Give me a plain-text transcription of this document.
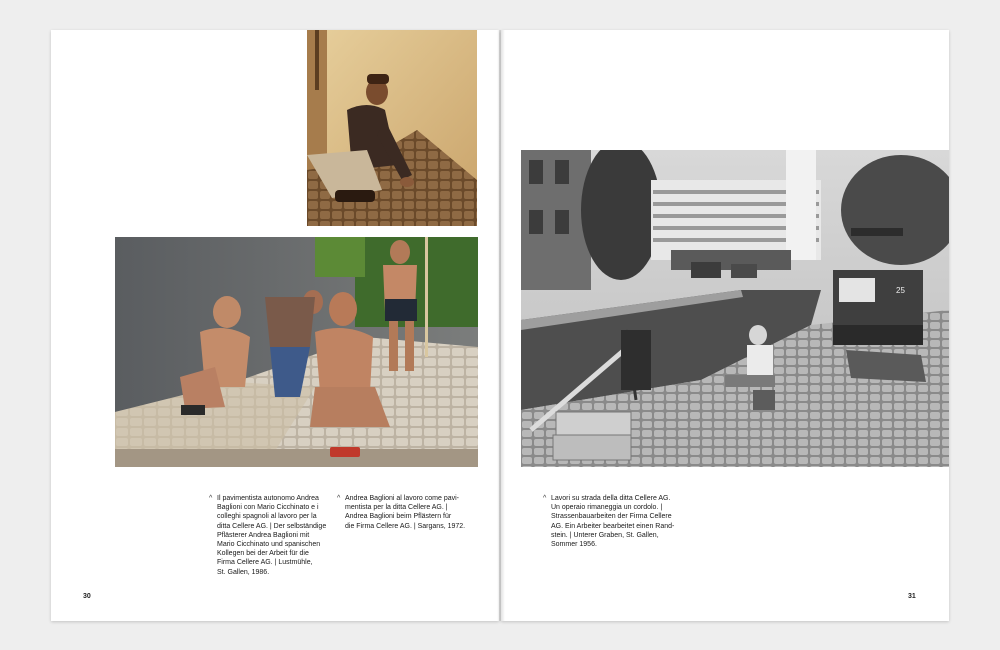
25
^ Il pavimentista autonomo Andrea

Baglioni con Mario Cicchinato e i

colleghi spagnoli al lavoro per la

ditta Cellere AG. | Der selbständige

Pflästerer Andrea Baglioni mit

Mario Cicchinato und spanischen

Kollegen bei der Arbeit für die

Firma Cellere AG. | Lustmühle,

St. Gallen, 1986.

^ Andrea Baglioni al lavoro come pavi-

mentista per la ditta Cellere AG. |

Andrea Baglioni beim Pflästern für

die Firma Cellere AG. | Sargans, 1972.

^ Lavori su strada della ditta Cellere AG.

Un operaio rimaneggia un cordolo. |

Strassenbauarbeiten der Firma Cellere

AG. Ein Arbeiter bearbeitet einen Rand-

stein. | Unterer Graben, St. Gallen,

Sommer 1956.

30	31
